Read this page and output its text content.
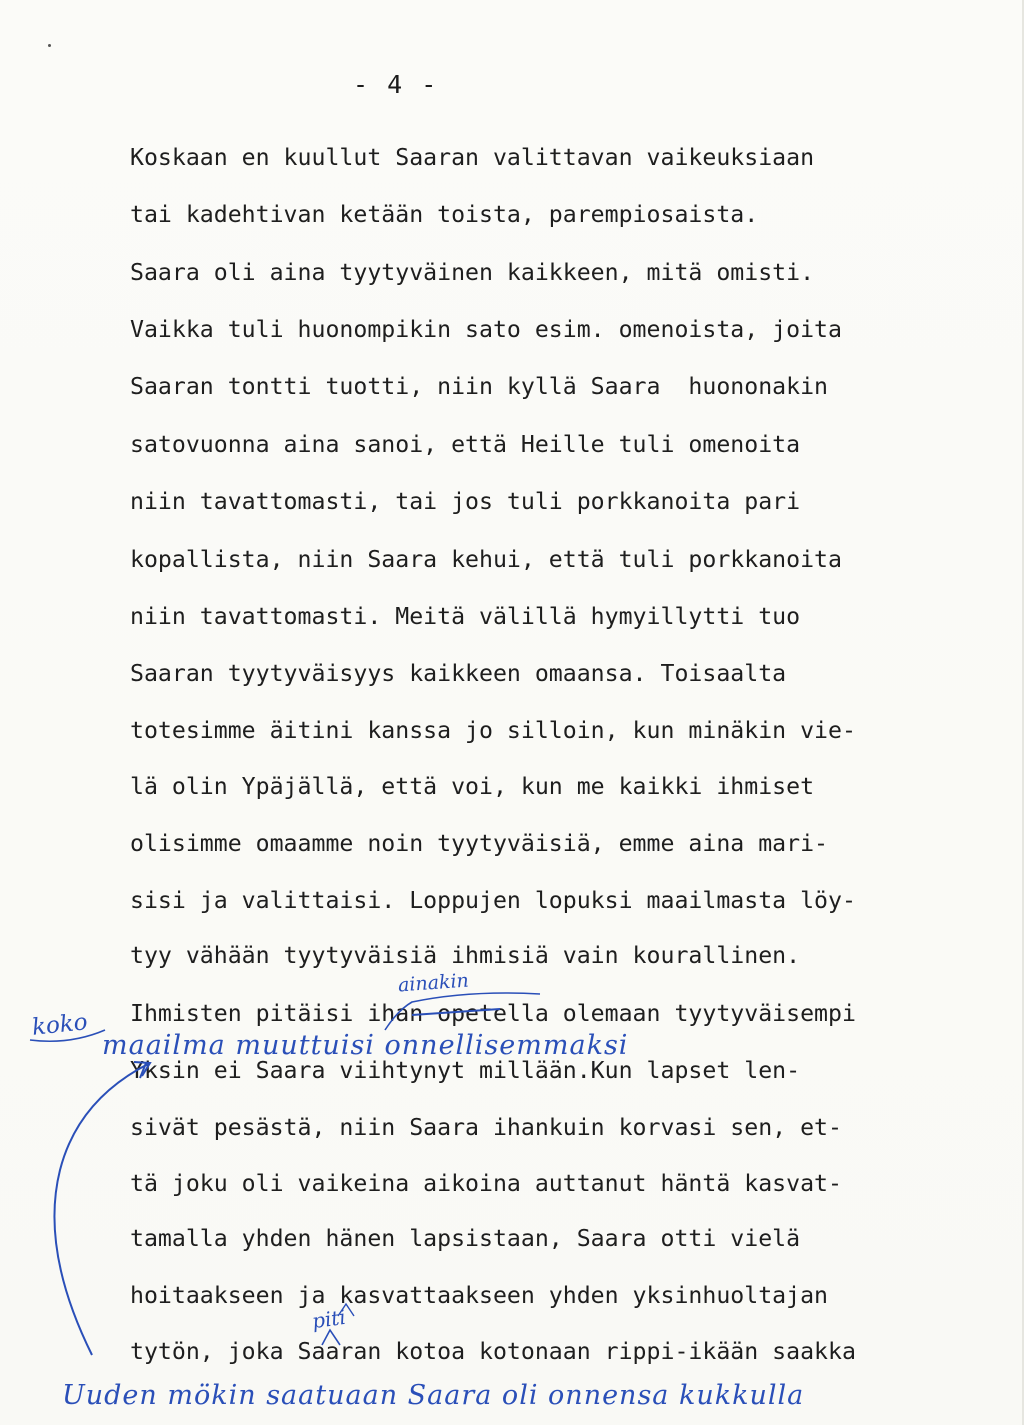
- 4 -
Koskaan en kuullut Saaran valittavan vaikeuksiaan
tai kadehtivan ketään toista, parempiosaista.
Saara oli aina tyytyväinen kaikkeen, mitä omisti.
Vaikka tuli huonompikin sato esim. omenoista, joita
Saaran tontti tuotti, niin kyllä Saara  huononakin
satovuonna aina sanoi, että Heille tuli omenoita
niin tavattomasti, tai jos tuli porkkanoita pari
kopallista, niin Saara kehui, että tuli porkkanoita
niin tavattomasti. Meitä välillä hymyillytti tuo
Saaran tyytyväisyys kaikkeen omaansa. Toisaalta
totesimme äitini kanssa jo silloin, kun minäkin vie-
lä olin Ypäjällä, että voi, kun me kaikki ihmiset
olisimme omaamme noin tyytyväisiä, emme aina mari-
sisi ja valittaisi. Loppujen lopuksi maailmasta löy-
tyy vähään tyytyväisiä ihmisiä vain kourallinen.
Ihmisten pitäisi ihan opetella olemaan tyytyväisempi
Yksin ei Saara viihtynyt millään.Kun lapset len-
sivät pesästä, niin Saara ihankuin korvasi sen, et-
tä joku oli vaikeina aikoina auttanut häntä kasvat-
tamalla yhden hänen lapsistaan, Saara otti vielä
hoitaakseen ja kasvattaakseen yhden yksinhuoltajan
tytön, joka Saaran kotoa kotonaan rippi-ikään saakka
ainakin
koko
maailma muuttuisi onnellisemmaksi
piti
Uuden mökin saatuaan Saara oli onnensa kukkulla
